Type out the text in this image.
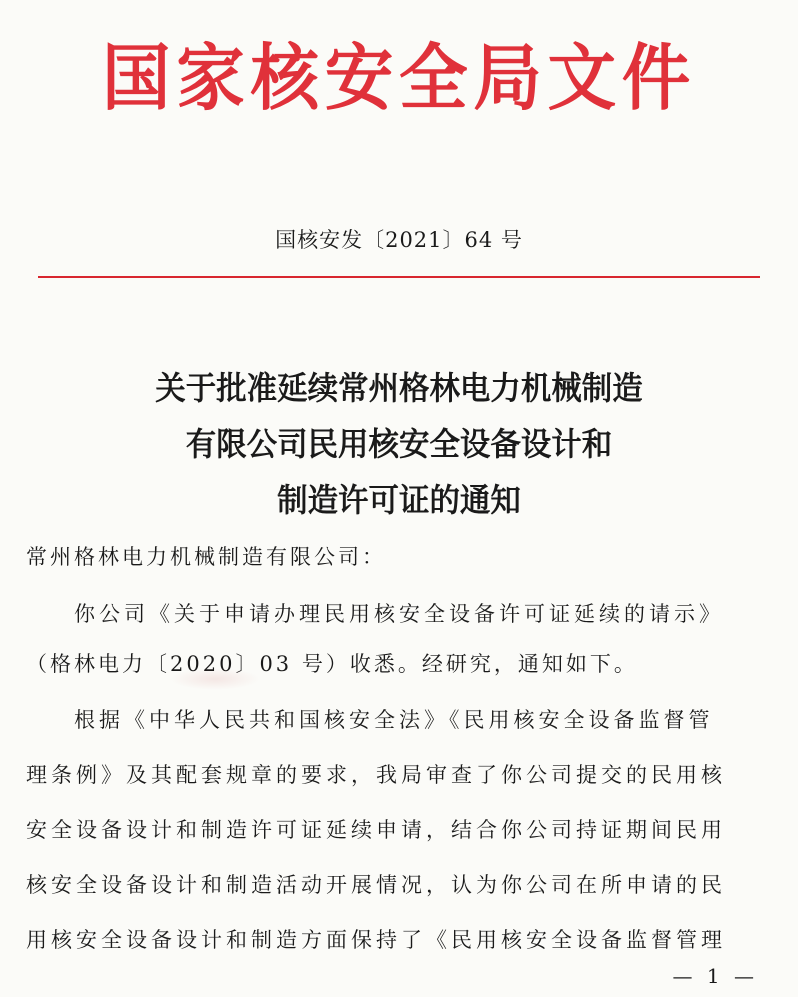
国家核安全局文件
国核安发〔2021〕64 号
关于批准延续常州格林电力机械制造
有限公司民用核安全设备设计和
制造许可证的通知
常州格林电力机械制造有限公司：
你公司《关于申请办理民用核安全设备许可证延续的请示》
（格林电力〔2020〕03 号）收悉。经研究，通知如下。
根据《中华人民共和国核安全法》《民用核安全设备监督管
理条例》及其配套规章的要求，我局审查了你公司提交的民用核
安全设备设计和制造许可证延续申请，结合你公司持证期间民用
核安全设备设计和制造活动开展情况，认为你公司在所申请的民
用核安全设备设计和制造方面保持了《民用核安全设备监督管理
— 1 —
